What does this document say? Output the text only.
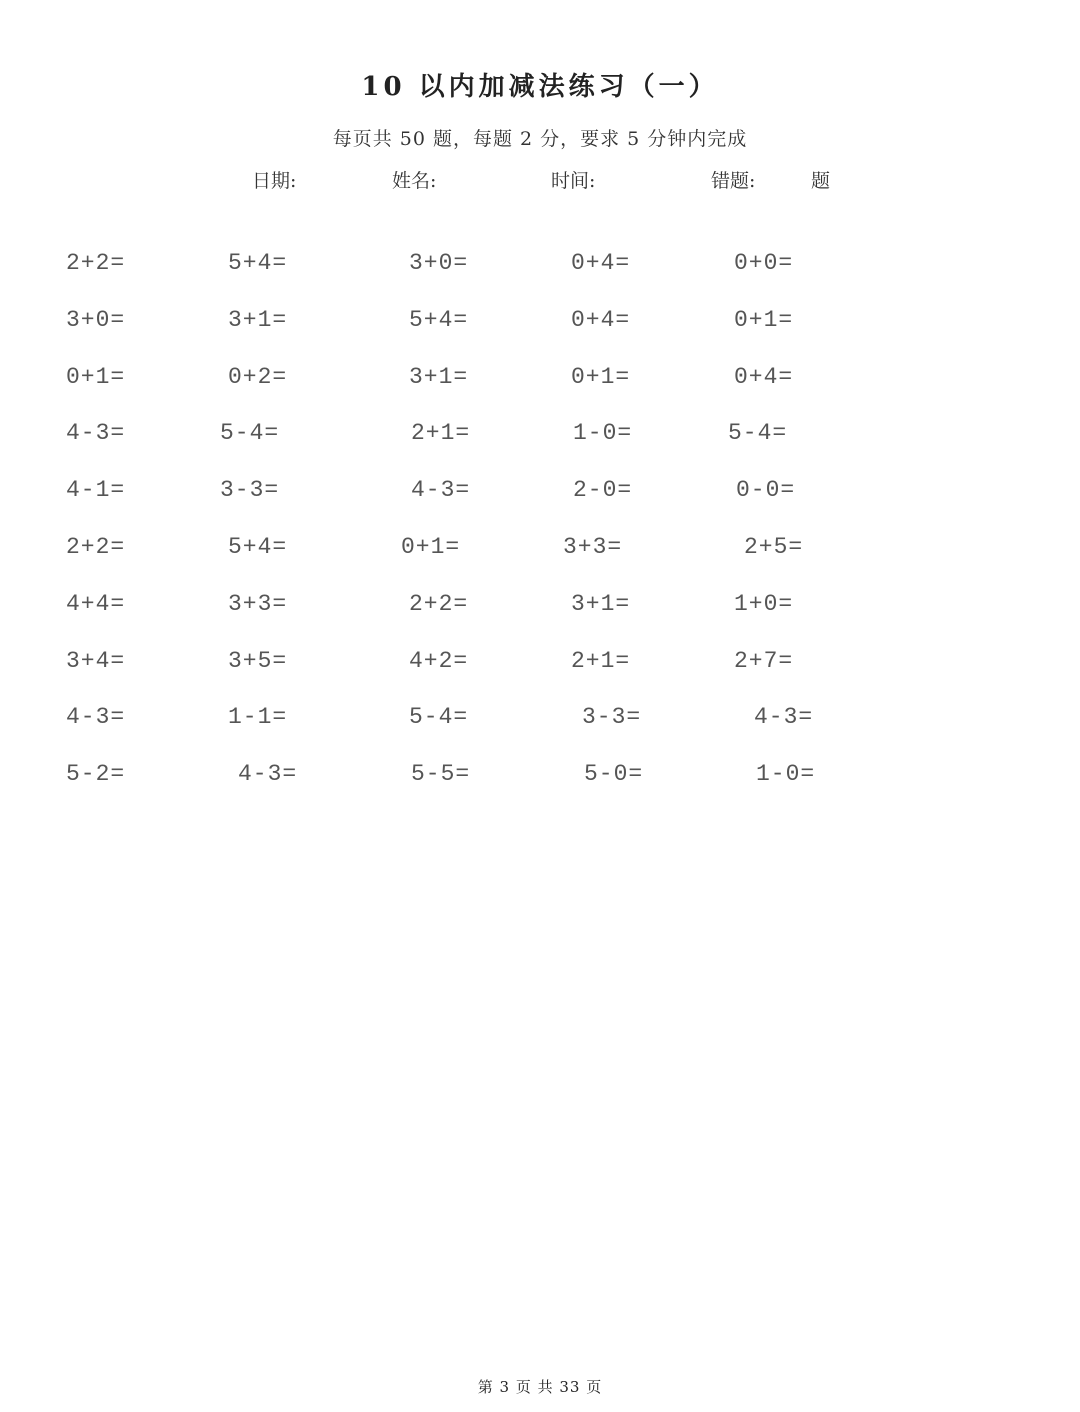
10 以内加减法练习（一）
每页共 50 题，每题 2 分，要求 5 分钟内完成
日期:	姓名:	时间:	错题:	题
2+2=	5+4=	3+0=	0+4=	0+0=
3+0=	3+1=	5+4=	0+4=	0+1=
0+1=	0+2=	3+1=	0+1=	0+4=
4-3=	5-4=	2+1=	1-0=	5-4=
4-1=	3-3=	4-3=	2-0=	0-0=
2+2=	5+4=	0+1=	3+3=	2+5=
4+4=	3+3=	2+2=	3+1=	1+0=
3+4=	3+5=	4+2=	2+1=	2+7=
4-3=	1-1=	5-4=	3-3=	4-3=
5-2=	4-3=	5-5=	5-0=	1-0=
第 3 页 共 33 页
